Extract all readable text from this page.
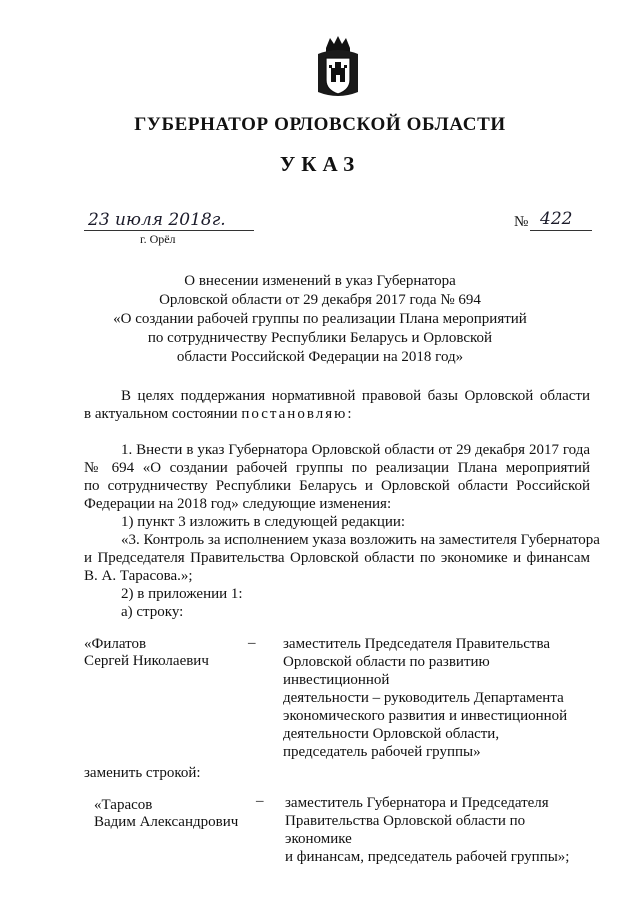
ГУБЕРНАТОР ОРЛОВСКОЙ ОБЛАСТИ
УКАЗ
23 июля 2018г.
г. Орёл
№ 422
О внесении изменений в указ Губернатора
Орловской области от 29 декабря 2017 года № 694
«О создании рабочей группы по реализации Плана мероприятий
по сотрудничеству Республики Беларусь и Орловской
области Российской Федерации на 2018 год»
В целях поддержания нормативной правовой базы Орловской области
в актуальном состоянии постановляю:
1. Внести в указ Губернатора Орловской области от 29 декабря 2017 года
№ 694 «О создании рабочей группы по реализации Плана мероприятий
по сотрудничеству Республики Беларусь и Орловской области Российской
Федерации на 2018 год» следующие изменения:
1) пункт 3 изложить в следующей редакции:
«3. Контроль за исполнением указа возложить на заместителя Губернатора
и Председателя Правительства Орловской области по экономике и финансам
В. А. Тарасова.»;
2) в приложении 1:
а) строку:
«Филатов
Сергей Николаевич
– заместитель Председателя Правительства
Орловской области по развитию инвестиционной
деятельности – руководитель Департамента
экономического развития и инвестиционной
деятельности Орловской области,
председатель рабочей группы»
заменить строкой:
«Тарасов
Вадим Александрович
– заместитель Губернатора и Председателя
Правительства Орловской области по экономике
и финансам, председатель рабочей группы»;
